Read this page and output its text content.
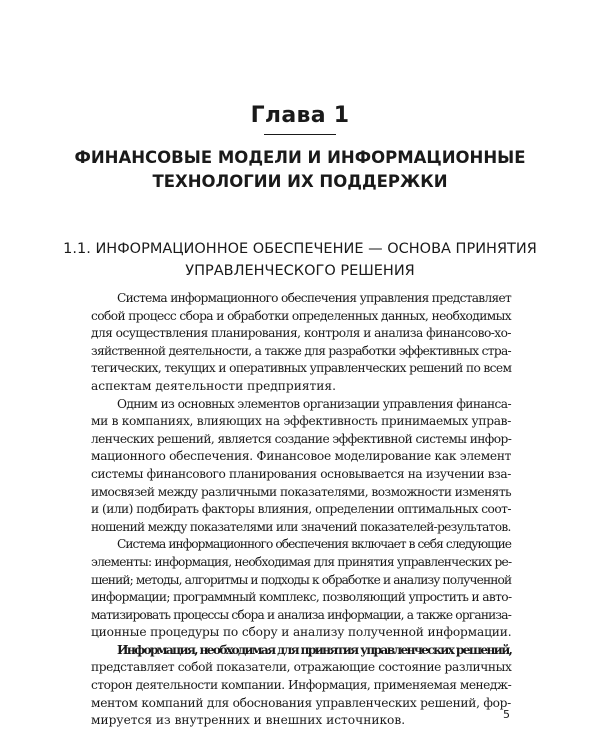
Глава 1
ФИНАНСОВЫЕ МОДЕЛИ И ИНФОРМАЦИОННЫЕ
ТЕХНОЛОГИИ ИХ ПОДДЕРЖКИ
1.1. ИНФОРМАЦИОННОЕ ОБЕСПЕЧЕНИЕ — ОСНОВА ПРИНЯТИЯ
УПРАВЛЕНЧЕСКОГО РЕШЕНИЯ
Система информационного обеспечения управления представляет
собой процесс сбора и обработки определенных данных, необходимых
для осуществления планирования, контроля и анализа финансово-хо-
зяйственной деятельности, а также для разработки эффективных стра-
тегических, текущих и оперативных управленческих решений по всем
аспектам деятельности предприятия.
Одним из основных элементов организации управления финанса-
ми в компаниях, влияющих на эффективность принимаемых управ-
ленческих решений, является создание эффективной системы инфор-
мационного обеспечения. Финансовое моделирование как элемент
системы финансового планирования основывается на изучении вза-
имосвязей между различными показателями, возможности изменять
и (или) подбирать факторы влияния, определении оптимальных соот-
ношений между показателями или значений показателей-результатов.
Система информационного обеспечения включает в себя следующие
элементы: информация, необходимая для принятия управленческих ре-
шений; методы, алгоритмы и подходы к обработке и анализу полученной
информации; программный комплекс, позволяющий упростить и авто-
матизировать процессы сбора и анализа информации, а также организа-
ционные процедуры по сбору и анализу полученной информации.
Информация, необходимая для принятия управленческих решений,
представляет собой показатели, отражающие состояние различных
сторон деятельности компании. Информация, применяемая менедж-
ментом компаний для обоснования управленческих решений, фор-
мируется из внутренних и внешних источников.	5
